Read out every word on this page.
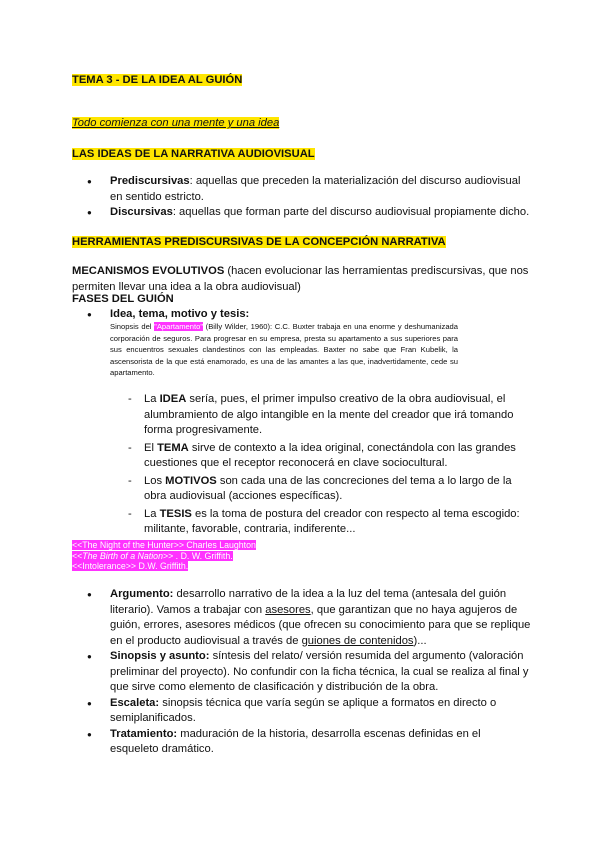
TEMA 3 - DE LA IDEA AL GUIÓN
Todo comienza con una mente y una idea
LAS IDEAS DE LA NARRATIVA AUDIOVISUAL
● Prediscursivas: aquellas que preceden la materialización del discurso audiovisual en sentido estricto.
● Discursivas: aquellas que forman parte del discurso audiovisual propiamente dicho.
HERRAMIENTAS PREDISCURSIVAS DE LA CONCEPCIÓN NARRATIVA
MECANISMOS EVOLUTIVOS (hacen evolucionar las herramientas prediscursivas, que nos permiten llevar una idea a la obra audiovisual)
FASES DEL GUIÓN
● Idea, tema, motivo y tesis:
Sinopsis del "Apartamento" (Billy Wilder, 1960): C.C. Buxter trabaja en una enorme y deshumanizada corporación de seguros. Para progresar en su empresa, presta su apartamento a sus superiores para sus encuentros sexuales clandestinos con las empleadas. Baxter no sabe que Fran Kubelik, la ascensorista de la que está enamorado, es una de las amantes a las que, inadvertidamente, cede su apartamento.
- La IDEA sería, pues, el primer impulso creativo de la obra audiovisual, el alumbramiento de algo intangible en la mente del creador que irá tomando forma progresivamente.
- El TEMA sirve de contexto a la idea original, conectándola con las grandes cuestiones que el receptor reconocerá en clave sociocultural.
- Los MOTIVOS son cada una de las concreciones del tema a lo largo de la obra audiovisual (acciones específicas).
- La TESIS es la toma de postura del creador con respecto al tema escogido: militante, favorable, contraria, indiferente...
<<The Night of the Hunter>> Charles Laughton
<<The Birth of a Nation>> . D. W. Griffith.
<<Intolerance>> D.W. Griffith.
● Argumento: desarrollo narrativo de la idea a la luz del tema (antesala del guión literario). Vamos a trabajar con asesores, que garantizan que no haya agujeros de guión, errores, asesores médicos (que ofrecen su conocimiento para que se replique en el producto audiovisual a través de guiones de contenidos)...
● Sinopsis y asunto: síntesis del relato/ versión resumida del argumento (valoración preliminar del proyecto). No confundir con la ficha técnica, la cual se realiza al final y que sirve como elemento de clasificación y distribución de la obra.
● Escaleta: sinopsis técnica que varía según se aplique a formatos en directo o semiplanificados.
● Tratamiento: maduración de la historia, desarrolla escenas definidas en el esqueleto dramático.
